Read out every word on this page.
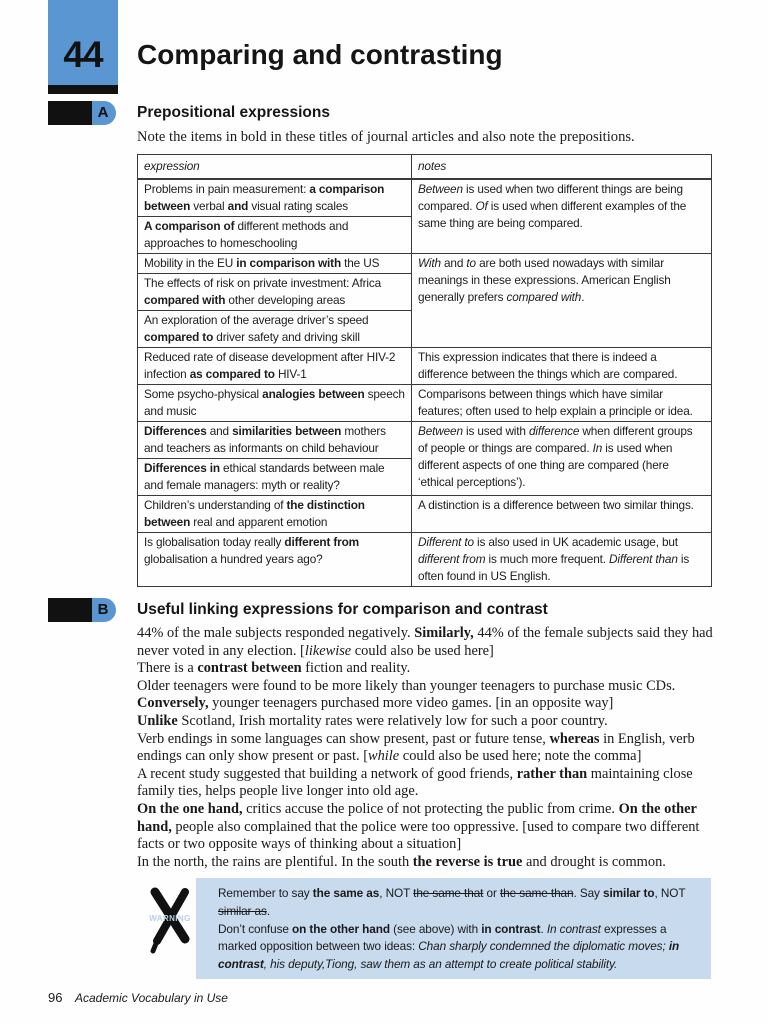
44	Comparing and contrasting
A Prepositional expressions

Note the items in bold in these titles of journal articles and also note the prepositions.

expression	notes
Problems in pain measurement: a comparison between verbal and visual rating scales	Between is used when two different things are being compared. Of is used when different examples of the same thing are being compared.
A comparison of different methods and approaches to homeschooling	
Mobility in the EU in comparison with the US	With and to are both used nowadays with similar meanings in these expressions. American English generally prefers compared with.
The effects of risk on private investment: Africa compared with other developing areas	
An exploration of the average driver’s speed compared to driver safety and driving skill	
Reduced rate of disease development after HIV-2 infection as compared to HIV-1	This expression indicates that there is indeed a difference between the things which are compared.
Some psycho-physical analogies between speech and music	Comparisons between things which have similar features; often used to help explain a principle or idea.
Differences and similarities between mothers and teachers as informants on child behaviour	Between is used with difference when different groups of people or things are compared. In is used when different aspects of one thing are compared (here ‘ethical perceptions’).
Differences in ethical standards between male and female managers: myth or reality?	
Children’s understanding of the distinction between real and apparent emotion	A distinction is a difference between two similar things.
Is globalisation today really different from globalisation a hundred years ago?	Different to is also used in UK academic usage, but different from is much more frequent. Different than is often found in US English.
B Useful linking expressions for comparison and contrast

44% of the male subjects responded negatively. Similarly, 44% of the female subjects said they had never voted in any election. [likewise could also be used here]

There is a contrast between fiction and reality.

Older teenagers were found to be more likely than younger teenagers to purchase music CDs. Conversely, younger teenagers purchased more video games. [in an opposite way]

Unlike Scotland, Irish mortality rates were relatively low for such a poor country.

Verb endings in some languages can show present, past or future tense, whereas in English, verb endings can only show present or past. [while could also be used here; note the comma]

A recent study suggested that building a network of good friends, rather than maintaining close family ties, helps people live longer into old age.

On the one hand, critics accuse the police of not protecting the public from crime. On the other hand, people also complained that the police were too oppressive. [used to compare two different facts or two opposite ways of thinking about a situation]

In the north, the rains are plentiful. In the south the reverse is true and drought is common.

WARNING

Remember to say the same as, NOT the same that or the same than. Say similar to, NOT similar as.

Don’t confuse on the other hand (see above) with in contrast. In contrast expresses a marked opposition between two ideas: Chan sharply condemned the diplomatic moves; in contrast, his deputy,Tiong, saw them as an attempt to create political stability.

96 Academic Vocabulary in Use
